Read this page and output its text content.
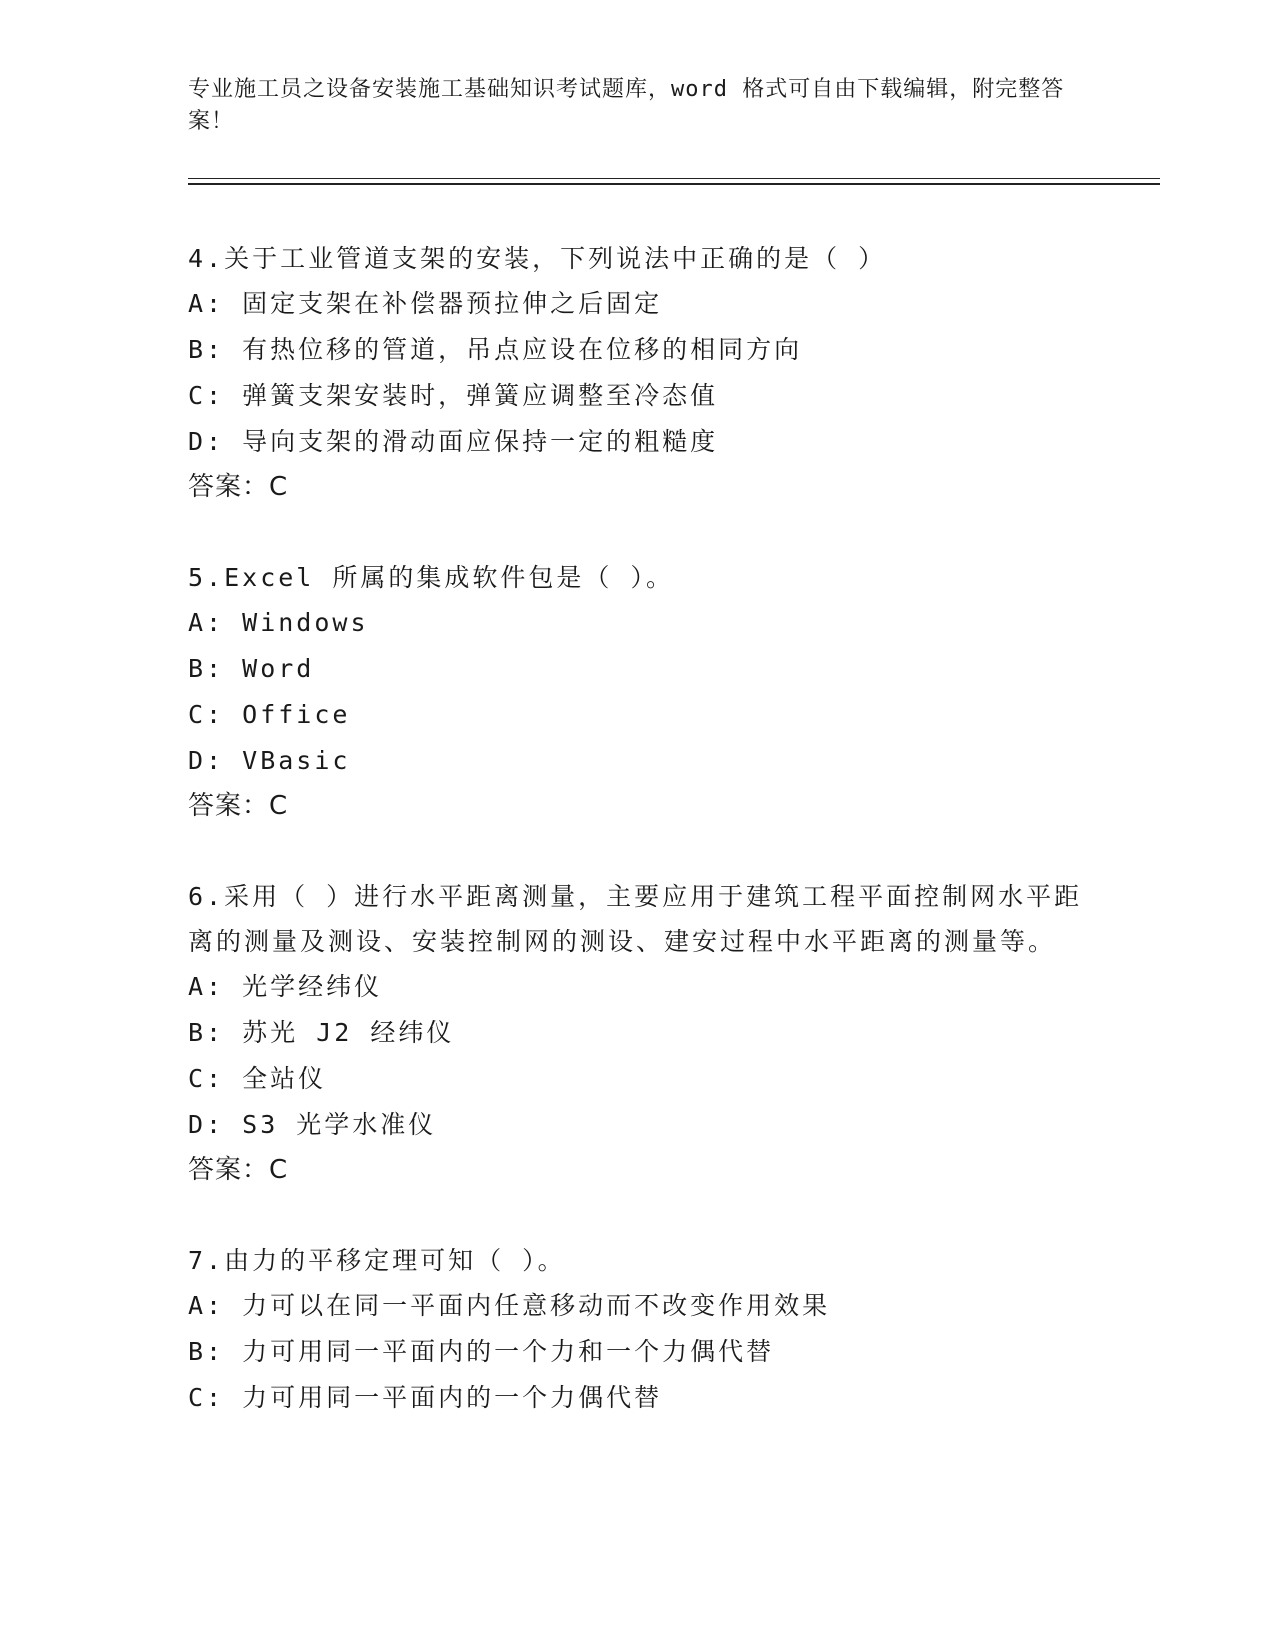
专业施工员之设备安装施工基础知识考试题库，word 格式可自由下载编辑，附完整答案！

4.关于工业管道支架的安装，下列说法中正确的是（ ）

A: 固定支架在补偿器预拉伸之后固定

B: 有热位移的管道，吊点应设在位移的相同方向

C: 弹簧支架安装时，弹簧应调整至冷态值

D: 导向支架的滑动面应保持一定的粗糙度

答案：C

5.Excel 所属的集成软件包是（ ）。

A: Windows

B: Word

C: Office

D: VBasic

答案：C

6.采用（ ）进行水平距离测量，主要应用于建筑工程平面控制网水平距离的测量及测设、安装控制网的测设、建安过程中水平距离的测量等。

A: 光学经纬仪

B: 苏光 J2 经纬仪

C: 全站仪

D: S3 光学水准仪

答案：C

7.由力的平移定理可知（ ）。

A: 力可以在同一平面内任意移动而不改变作用效果

B: 力可用同一平面内的一个力和一个力偶代替

C: 力可用同一平面内的一个力偶代替
